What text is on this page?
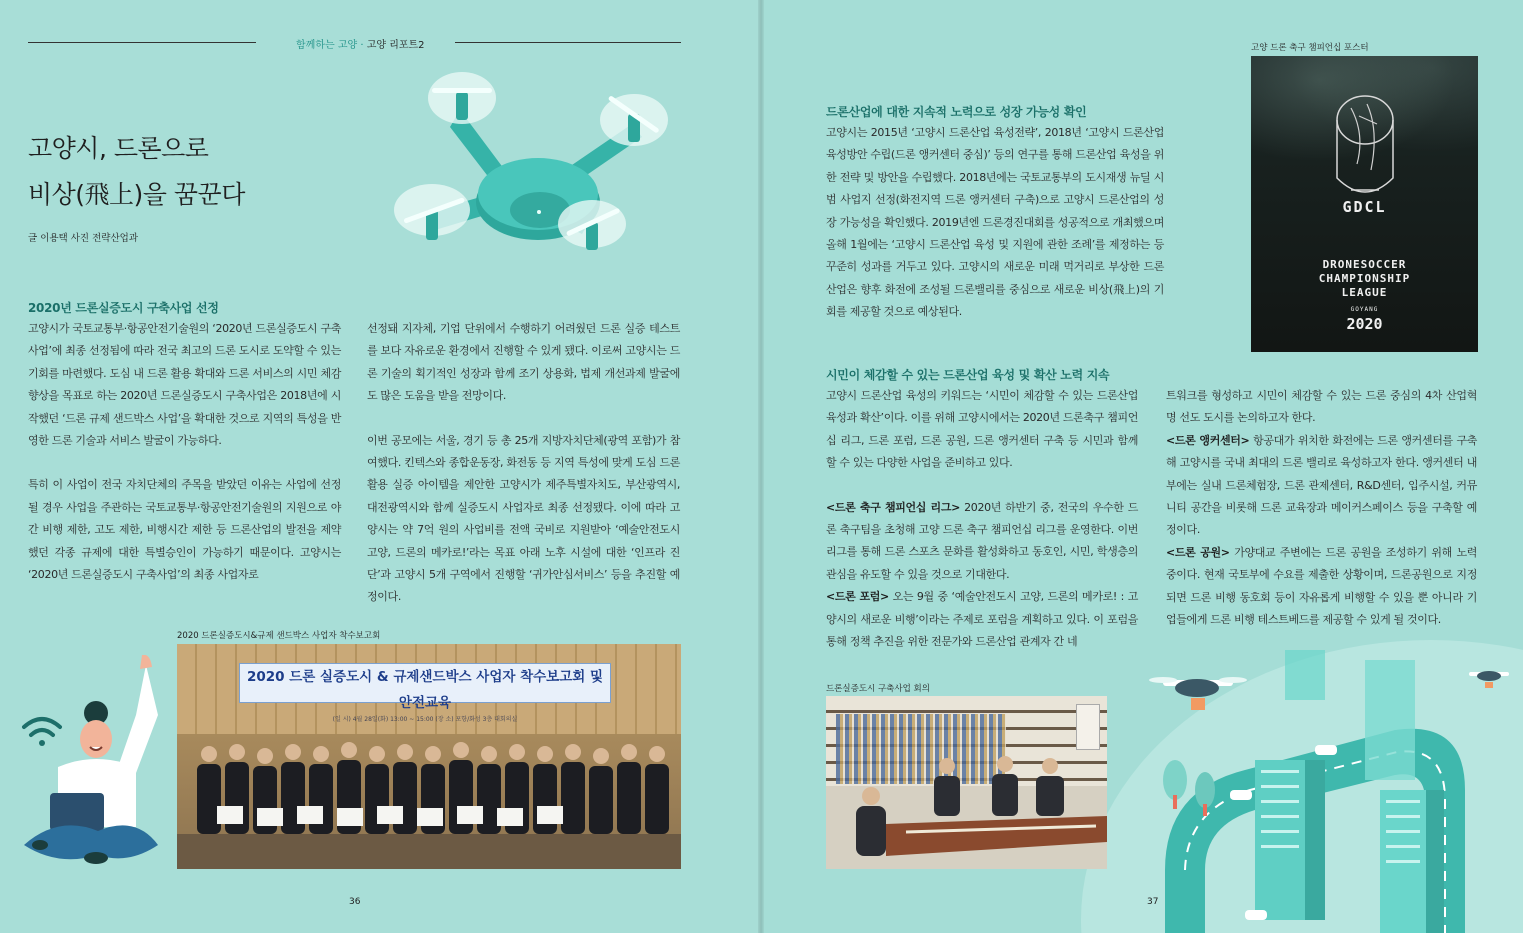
함께하는 고양 · 고양 리포트2
고양시, 드론으로
비상(飛上)을 꿈꾼다
글 이용택 사진 전략산업과
2020년 드론실증도시 구축사업 선정

고양시가 국토교통부·항공안전기술원의 ‘2020년 드론실증도시 구축사업’에 최종 선정됨에 따라 전국 최고의 드론 도시로 도약할 수 있는 기회를 마련했다. 도심 내 드론 활용 확대와 드론 서비스의 시민 체감 향상을 목표로 하는 2020년 드론실증도시 구축사업은 2018년에 시작했던 ‘드론 규제 샌드박스 사업’을 확대한 것으로 지역의 특성을 반영한 드론 기술과 서비스 발굴이 가능하다.

특히 이 사업이 전국 자치단체의 주목을 받았던 이유는 사업에 선정될 경우 사업을 주관하는 국토교통부·항공안전기술원의 지원으로 야간 비행 제한, 고도 제한, 비행시간 제한 등 드론산업의 발전을 제약했던 각종 규제에 대한 특별승인이 가능하기 때문이다. 고양시는 ‘2020년 드론실증도시 구축사업’의 최종 사업자로

선정돼 지자체, 기업 단위에서 수행하기 어려웠던 드론 실증 테스트를 보다 자유로운 환경에서 진행할 수 있게 됐다. 이로써 고양시는 드론 기술의 획기적인 성장과 함께 조기 상용화, 법제 개선과제 발굴에도 많은 도움을 받을 전망이다.

이번 공모에는 서울, 경기 등 총 25개 지방자치단체(광역 포함)가 참여했다. 킨텍스와 종합운동장, 화전동 등 지역 특성에 맞게 도심 드론 활용 실증 아이템을 제안한 고양시가 제주특별자치도, 부산광역시, 대전광역시와 함께 실증도시 사업자로 최종 선정됐다. 이에 따라 고양시는 약 7억 원의 사업비를 전액 국비로 지원받아 ‘예술안전도시 고양, 드론의 메카로!’라는 목표 아래 노후 시설에 대한 ‘인프라 진단’과 고양시 5개 구역에서 진행할 ‘귀가안심서비스’ 등을 추진할 예정이다.

2020 드론실증도시&규제 샌드박스 사업자 착수보고회
2020 드론 실증도시 & 규제샌드박스 사업자 착수보고회 및 안전교육
(일 시) 4월 28일(화) 13:00 ~ 15:00 (장 소) 포항/화성 3층 대회의실
36
드론산업에 대한 지속적 노력으로 성장 가능성 확인

고양시는 2015년 ‘고양시 드론산업 육성전략’, 2018년 ‘고양시 드론산업 육성방안 수립(드론 앵커센터 중심)’ 등의 연구를 통해 드론산업 육성을 위한 전략 및 방안을 수립했다. 2018년에는 국토교통부의 도시재생 뉴딜 시범 사업지 선정(화전지역 드론 앵커센터 구축)으로 고양시 드론산업의 성장 가능성을 확인했다. 2019년엔 드론경진대회를 성공적으로 개최했으며 올해 1월에는 ‘고양시 드론산업 육성 및 지원에 관한 조례’를 제정하는 등 꾸준히 성과를 거두고 있다. 고양시의 새로운 미래 먹거리로 부상한 드론산업은 향후 화전에 조성될 드론밸리를 중심으로 새로운 비상(飛上)의 기회를 제공할 것으로 예상된다.

고양 드론 축구 챔피언십 포스터
GDCL
DRONESOCCER
CHAMPIONSHIP
LEAGUE
GOYANG
2020
시민이 체감할 수 있는 드론산업 육성 및 확산 노력 지속

고양시 드론산업 육성의 키워드는 ‘시민이 체감할 수 있는 드론산업 육성과 확산’이다. 이를 위해 고양시에서는 2020년 드론축구 챔피언십 리그, 드론 포럼, 드론 공원, 드론 앵커센터 구축 등 시민과 함께 할 수 있는 다양한 사업을 준비하고 있다.

<드론 축구 챔피언십 리그> 2020년 하반기 중, 전국의 우수한 드론 축구팀을 초청해 고양 드론 축구 챔피언십 리그를 운영한다. 이번 리그를 통해 드론 스포츠 문화를 활성화하고 동호인, 시민, 학생층의 관심을 유도할 수 있을 것으로 기대한다.

<드론 포럼> 오는 9월 중 ‘예술안전도시 고양, 드론의 메카로! : 고양시의 새로운 비행’이라는 주제로 포럼을 계획하고 있다. 이 포럼을 통해 정책 추진을 위한 전문가와 드론산업 관계자 간 네

트워크를 형성하고 시민이 체감할 수 있는 드론 중심의 4차 산업혁명 선도 도시를 논의하고자 한다.

<드론 앵커센터> 항공대가 위치한 화전에는 드론 앵커센터를 구축해 고양시를 국내 최대의 드론 밸리로 육성하고자 한다. 앵커센터 내부에는 실내 드론체험장, 드론 관제센터, R&D센터, 입주시설, 커뮤니티 공간을 비롯해 드론 교육장과 메이커스페이스 등을 구축할 예정이다.

<드론 공원> 가양대교 주변에는 드론 공원을 조성하기 위해 노력 중이다. 현재 국토부에 수요를 제출한 상황이며, 드론공원으로 지정되면 드론 비행 동호회 등이 자유롭게 비행할 수 있을 뿐 아니라 기업들에게 드론 비행 테스트베드를 제공할 수 있게 될 것이다.

드론실증도시 구축사업 회의
37
